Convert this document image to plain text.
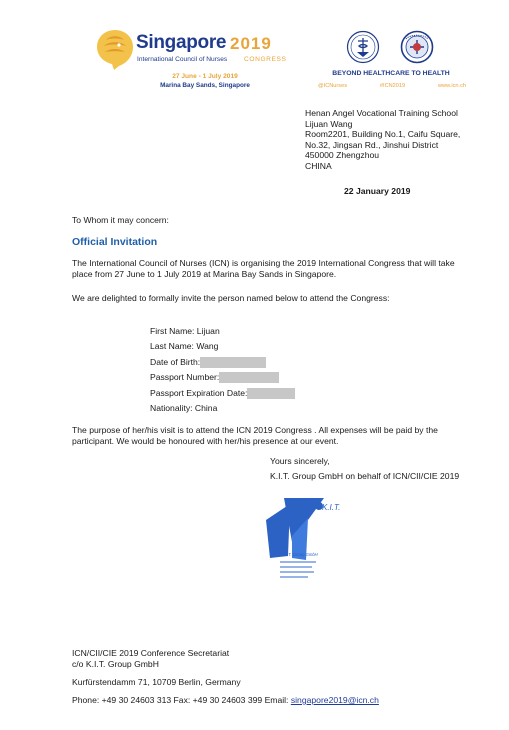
Singapore 2019
International Council of Nurses	CONGRESS
27 June - 1 July 2019
Marina Bay Sands, Singapore
BEYOND HEALTHCARE TO HEALTH
@ICNurses	#ICN2019	www.icn.ch
Henan Angel Vocational Training School
Lijuan Wang
Room2201, Building No.1, Caifu Square,
No.32, Jingsan Rd., Jinshui District
450000 Zhengzhou
CHINA
22 January 2019
To Whom it may concern:
Official Invitation
The International Council of Nurses (ICN) is organising the 2019 International Congress that will take place from 27 June to 1 July 2019 at Marina Bay Sands in Singapore.
We are delighted to formally invite the person named below to attend the Congress:
First Name: Lijuan
Last Name: Wang
Date of Birth:
Passport Number:
Passport Expiration Date:
Nationality: China
The purpose of her/his visit is to attend the ICN 2019 Congress . All expenses will be paid by the participant. We would be honoured with her/his presence at our event.
Yours sincerely,
K.I.T. Group GmbH on behalf of ICN/CII/CIE 2019
K.I.T.
K.I.T. Group GmbH
ICN/CII/CIE 2019 Conference Secretariat
c/o K.I.T. Group GmbH
Kurfürstendamm 71, 10709 Berlin, Germany
Phone: +49 30 24603 313 Fax: +49 30 24603 399 Email: singapore2019@icn.ch
